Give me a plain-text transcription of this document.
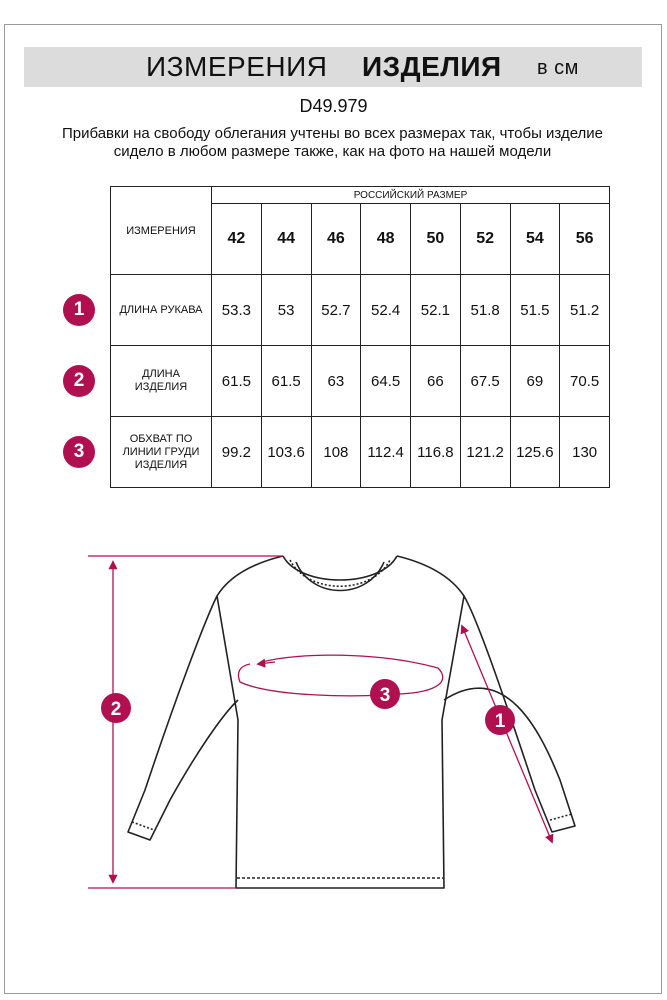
ИЗМЕРЕНИЯ ИЗДЕЛИЯ в см
D49.979
Прибавки на свободу облегания учтены во всех размерах так, чтобы изделие сидело в любом размере также, как на фото на нашей модели
ИЗМЕРЕНИЯ	РОССИЙСКИЙ РАЗМЕР							
	42	44	46	48	50	52	54	56
ДЛИНА РУКАВА	53.3	53	52.7	52.4	52.1	51.8	51.5	51.2
ДЛИНА ИЗДЕЛИЯ	61.5	61.5	63	64.5	66	67.5	69	70.5
ОБХВАТ ПО ЛИНИИ ГРУДИ ИЗДЕЛИЯ	99.2	103.6	108	112.4	116.8	121.2	125.6	130
1
2
3
2
3
1
